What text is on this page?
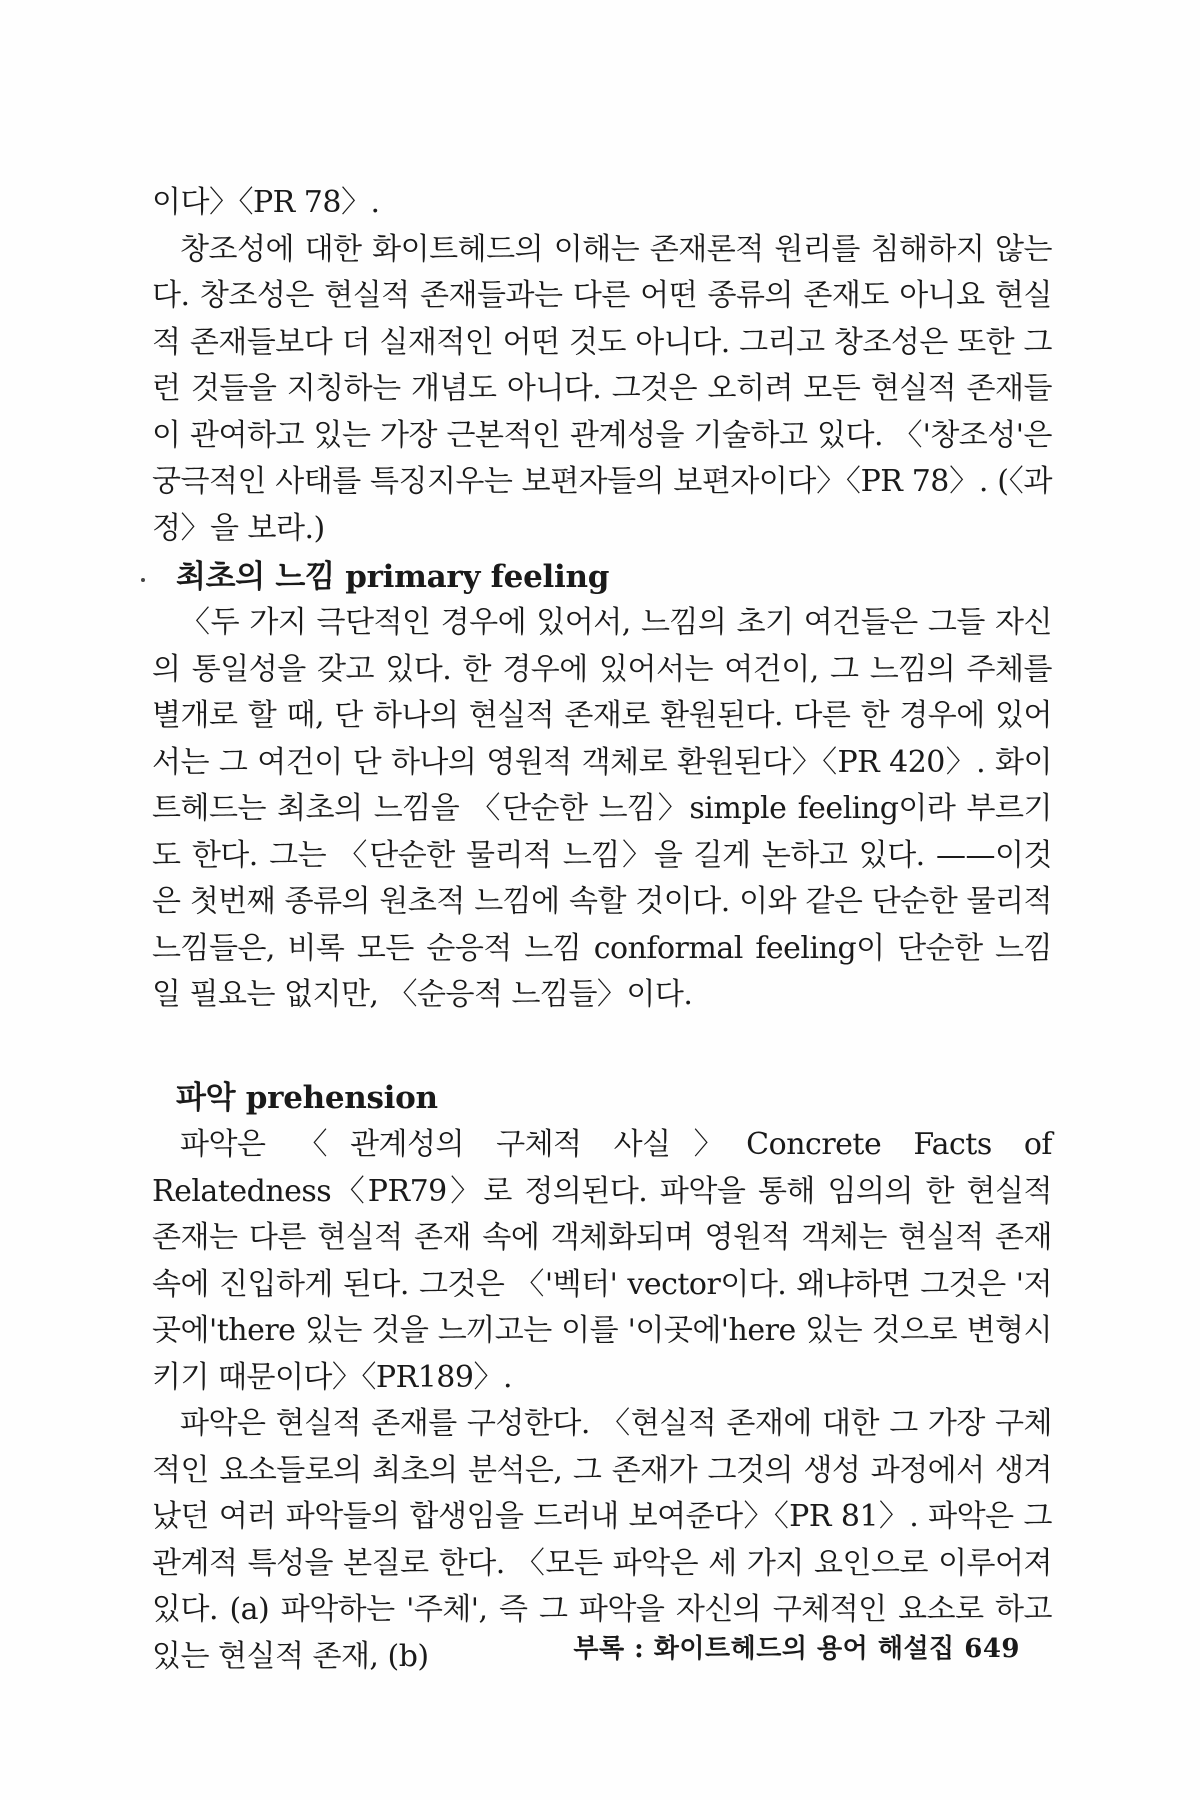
이다〉〈PR 78〉.

창조성에 대한 화이트헤드의 이해는 존재론적 원리를 침해하지 않는다. 창조성은 현실적 존재들과는 다른 어떤 종류의 존재도 아니요 현실적 존재들보다 더 실재적인 어떤 것도 아니다. 그리고 창조성은 또한 그런 것들을 지칭하는 개념도 아니다. 그것은 오히려 모든 현실적 존재들이 관여하고 있는 가장 근본적인 관계성을 기술하고 있다. 〈'창조성'은 궁극적인 사태를 특징지우는 보편자들의 보편자이다〉〈PR 78〉. (〈과정〉을 보라.)

최초의 느낌 primary feeling

〈두 가지 극단적인 경우에 있어서, 느낌의 초기 여건들은 그들 자신의 통일성을 갖고 있다. 한 경우에 있어서는 여건이, 그 느낌의 주체를 별개로 할 때, 단 하나의 현실적 존재로 환원된다. 다른 한 경우에 있어서는 그 여건이 단 하나의 영원적 객체로 환원된다〉〈PR 420〉. 화이트헤드는 최초의 느낌을 〈단순한 느낌〉simple feeling이라 부르기도 한다. 그는 〈단순한 물리적 느낌〉을 길게 논하고 있다. ——이것은 첫번째 종류의 원초적 느낌에 속할 것이다. 이와 같은 단순한 물리적 느낌들은, 비록 모든 순응적 느낌 conformal feeling이 단순한 느낌일 필요는 없지만, 〈순응적 느낌들〉이다.

파악 prehension

파악은 〈관계성의 구체적 사실〉Concrete Facts of Relatedness〈PR79〉로 정의된다. 파악을 통해 임의의 한 현실적 존재는 다른 현실적 존재 속에 객체화되며 영원적 객체는 현실적 존재 속에 진입하게 된다. 그것은 〈'벡터' vector이다. 왜냐하면 그것은 '저곳에'there 있는 것을 느끼고는 이를 '이곳에'here 있는 것으로 변형시키기 때문이다〉〈PR189〉.

파악은 현실적 존재를 구성한다. 〈현실적 존재에 대한 그 가장 구체적인 요소들로의 최초의 분석은, 그 존재가 그것의 생성 과정에서 생겨났던 여러 파악들의 합생임을 드러내 보여준다〉〈PR 81〉. 파악은 그 관계적 특성을 본질로 한다. 〈모든 파악은 세 가지 요인으로 이루어져 있다. (a) 파악하는 '주체', 즉 그 파악을 자신의 구체적인 요소로 하고 있는 현실적 존재, (b)	부록 : 화이트헤드의 용어 해설집 649
